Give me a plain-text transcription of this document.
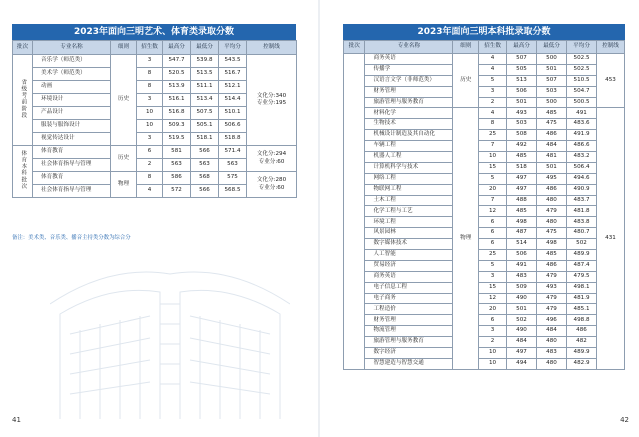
2023年面向三明艺术、体育类录取分数
批次	专业名称	细则	招生数	最高分	最低分	平均分	控制线
省级考前阶段	音乐学（师范类）	历史	3	547.7	539.8	543.5	文化分:340
专业分:195

	美术学（师范类）		8	520.5	513.5	516.7	
	动画		8	513.9	511.1	512.1	
	环境设计		3	516.1	513.4	514.4	
	产品设计		10	516.8	507.5	510.1	
	服装与服饰设计		10	509.3	505.1	506.6	
	视觉传达设计		3	519.5	518.1	518.8	
体育本科批次	体育教育	历史	6	581	566	571.4	文化分:294
专业分:60

	社会体育指导与管理		2	563	563	563	
	体育教育	物理	8	586	568	575	文化分:280
专业分:60

	社会体育指导与管理		4	572	566	568.5	
备注：美术类、音乐类、播音主持类分数为综合分
41
2023年面向三明本科批录取分数
批次	专业名称	细则	招生数	最高分	最低分	平均分	控制线
	商务英语	历史	4	507	500	502.5	453
	传播学		4	505	501	502.5	
	汉语言文学（非师范类）		5	513	507	510.5	
	财务管理		3	506	503	504.7	
	旅游管理与服务教育		2	501	500	500.5	
	材料化学	物理	4	493	485	491	431
	生物技术		8	503	475	483.6	
	机械设计制造及其自动化		25	508	486	491.9	
	车辆工程		7	492	484	486.6	
	机器人工程		10	485	481	483.2	
	计算机科学与技术		15	518	501	506.4	
	网络工程		5	497	495	494.6	
	物联网工程		20	497	486	490.9	
	土木工程		7	488	480	483.7	
	化学工程与工艺		12	485	479	481.8	
	环境工程		6	498	480	483.8	
	风景园林		6	487	475	480.7	
	数字媒体技术		6	514	498	502	
	人工智能		25	506	485	489.9	
	贸易经济		5	491	486	487.4	
	商务英语		3	483	479	479.5	
	电子信息工程		15	509	493	498.1	
	电子商务		12	490	479	481.9	
	工程造价		20	501	479	485.1	
	财务管理		6	502	496	498.8	
	物流管理		3	490	484	486	
	旅游管理与服务教育		2	484	480	482	
	数字经济		10	497	483	489.9	
	智慧建造与智慧交通		10	494	480	482.9	
42
